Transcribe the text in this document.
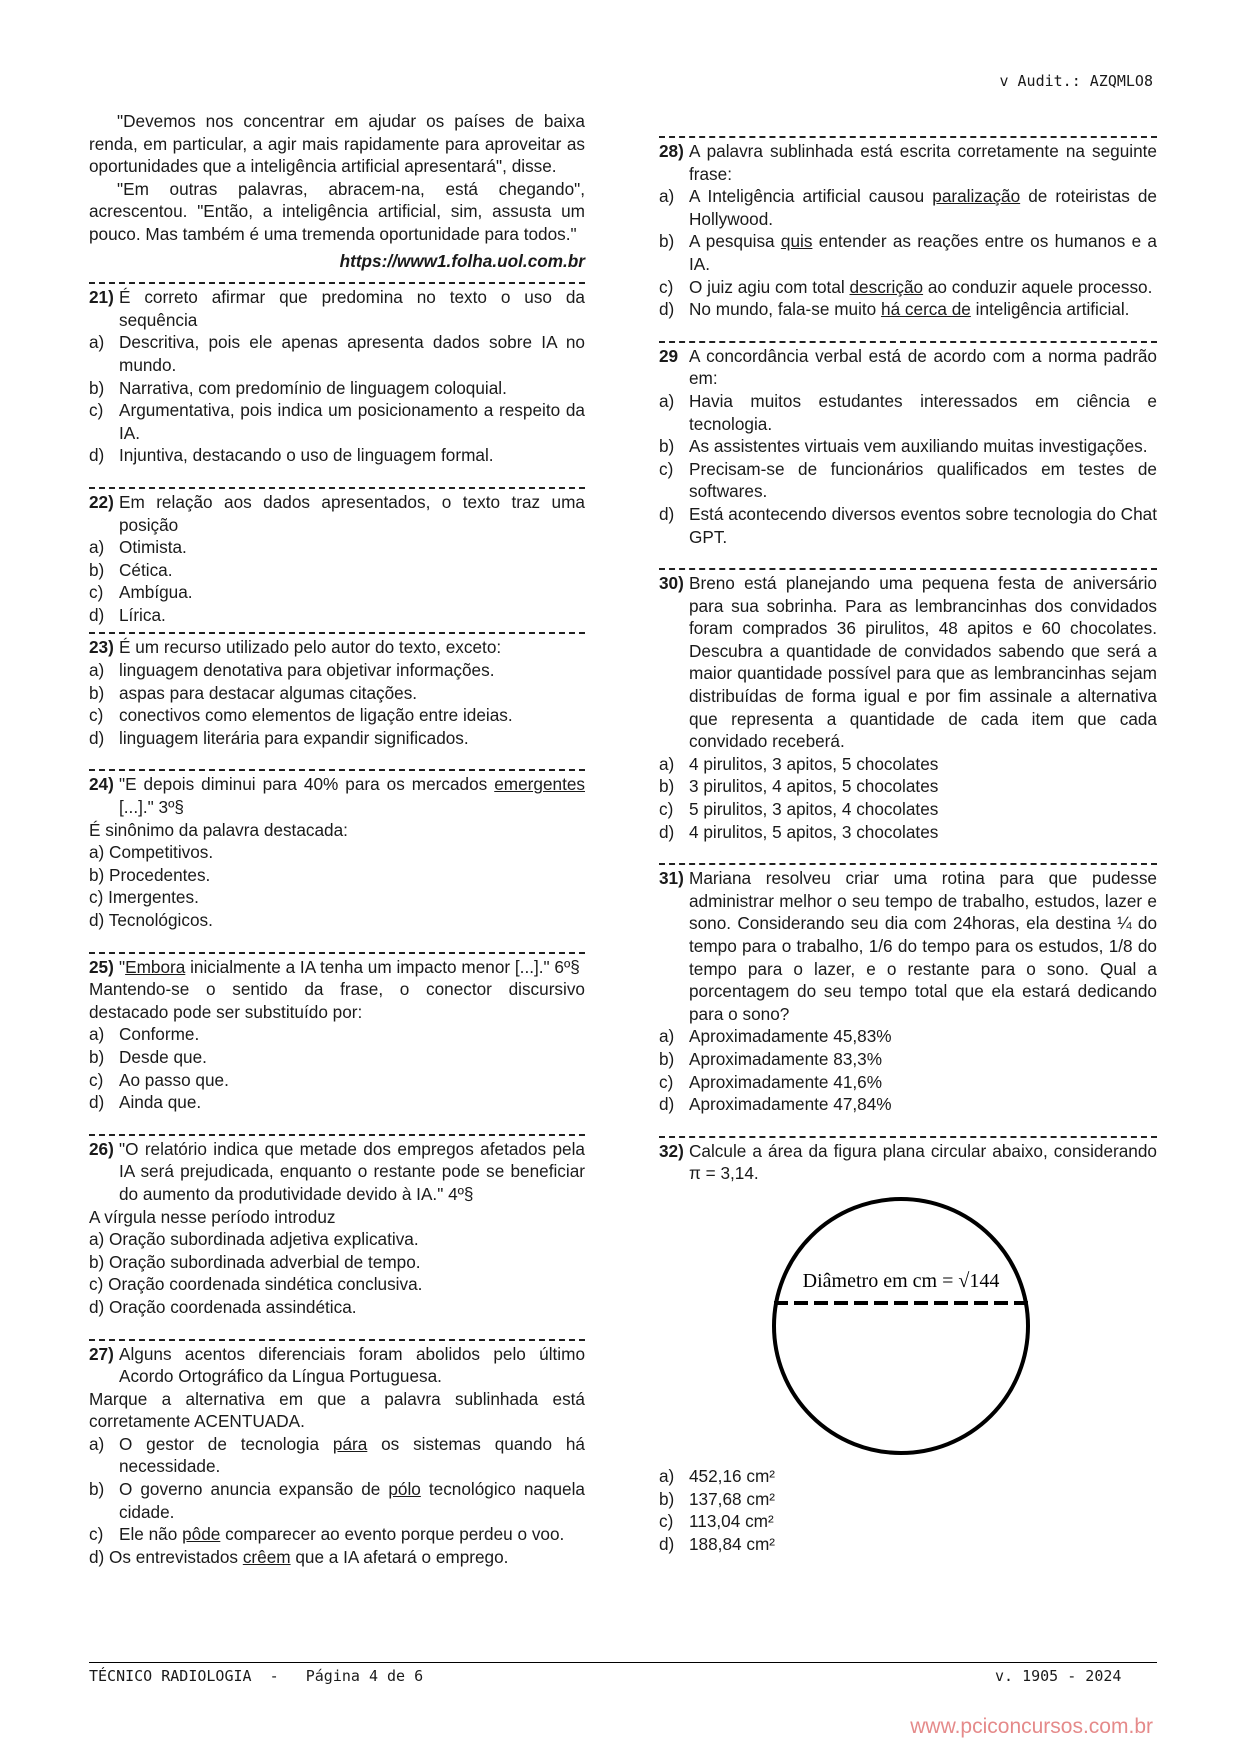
v Audit.: AZQMLO8

"Devemos nos concentrar em ajudar os países de baixa renda, em particular, a agir mais rapidamente para aproveitar as oportunidades que a inteligência artificial apresentará", disse.

"Em outras palavras, abracem-na, está chegando", acrescentou. "Então, a inteligência artificial, sim, assusta um pouco. Mas também é uma tremenda oportunidade para todos."

https://www1.folha.uol.com.br

21) É correto afirmar que predomina no texto o uso da sequência

a) Descritiva, pois ele apenas apresenta dados sobre IA no mundo.

b) Narrativa, com predomínio de linguagem coloquial.

c) Argumentativa, pois indica um posicionamento a respeito da IA.

d) Injuntiva, destacando o uso de linguagem formal.

22) Em relação aos dados apresentados, o texto traz uma posição

a) Otimista.

b) Cética.

c) Ambígua.

d) Lírica.

23) É um recurso utilizado pelo autor do texto, exceto:

a) linguagem denotativa para objetivar informações.

b) aspas para destacar algumas citações.

c) conectivos como elementos de ligação entre ideias.

d) linguagem literária para expandir significados.

24) "E depois diminui para 40% para os mercados emergentes [...]." 3º§

É sinônimo da palavra destacada:

a) Competitivos.

b) Procedentes.

c) Imergentes.

d) Tecnológicos.

25) "Embora inicialmente a IA tenha um impacto menor [...]." 6º§

Mantendo-se o sentido da frase, o conector discursivo destacado pode ser substituído por:

a) Conforme.

b) Desde que.

c) Ao passo que.

d) Ainda que.

26) "O relatório indica que metade dos empregos afetados pela IA será prejudicada, enquanto o restante pode se beneficiar do aumento da produtividade devido à IA." 4º§

A vírgula nesse período introduz

a) Oração subordinada adjetiva explicativa.

b) Oração subordinada adverbial de tempo.

c) Oração coordenada sindética conclusiva.

d) Oração coordenada assindética.

27) Alguns acentos diferenciais foram abolidos pelo último Acordo Ortográfico da Língua Portuguesa.

Marque a alternativa em que a palavra sublinhada está corretamente ACENTUADA.

a) O gestor de tecnologia pára os sistemas quando há necessidade.

b) O governo anuncia expansão de pólo tecnológico naquela cidade.

c) Ele não pôde comparecer ao evento porque perdeu o voo.

d) Os entrevistados crêem que a IA afetará o emprego.

28) A palavra sublinhada está escrita corretamente na seguinte frase:

a) A Inteligência artificial causou paralização de roteiristas de Hollywood.

b) A pesquisa quis entender as reações entre os humanos e a IA.

c) O juiz agiu com total descrição ao conduzir aquele processo.

d) No mundo, fala-se muito há cerca de inteligência artificial.

29 A concordância verbal está de acordo com a norma padrão em:

a) Havia muitos estudantes interessados em ciência e tecnologia.

b) As assistentes virtuais vem auxiliando muitas investigações.

c) Precisam-se de funcionários qualificados em testes de softwares.

d) Está acontecendo diversos eventos sobre tecnologia do Chat GPT.

30) Breno está planejando uma pequena festa de aniversário para sua sobrinha. Para as lembrancinhas dos convidados foram comprados 36 pirulitos, 48 apitos e 60 chocolates. Descubra a quantidade de convidados sabendo que será a maior quantidade possível para que as lembrancinhas sejam distribuídas de forma igual e por fim assinale a alternativa que representa a quantidade de cada item que cada convidado receberá.

a) 4 pirulitos, 3 apitos, 5 chocolates

b) 3 pirulitos, 4 apitos, 5 chocolates

c) 5 pirulitos, 3 apitos, 4 chocolates

d) 4 pirulitos, 5 apitos, 3 chocolates

31) Mariana resolveu criar uma rotina para que pudesse administrar melhor o seu tempo de trabalho, estudos, lazer e sono. Considerando seu dia com 24horas, ela destina ¼ do tempo para o trabalho, 1/6 do tempo para os estudos, 1/8 do tempo para o lazer, e o restante para o sono. Qual a porcentagem do seu tempo total que ela estará dedicando para o sono?

a) Aproximadamente 45,83%

b) Aproximadamente 83,3%

c) Aproximadamente 41,6%

d) Aproximadamente 47,84%

32) Calcule a área da figura plana circular abaixo, considerando π = 3,14.

Diâmetro em cm = √144

a) 452,16 cm²

b) 137,68 cm²

c) 113,04 cm²

d) 188,84 cm²

TÉCNICO RADIOLOGIA  -   Página 4 de 6	v. 1905 - 2024
www.pciconcursos.com.br
